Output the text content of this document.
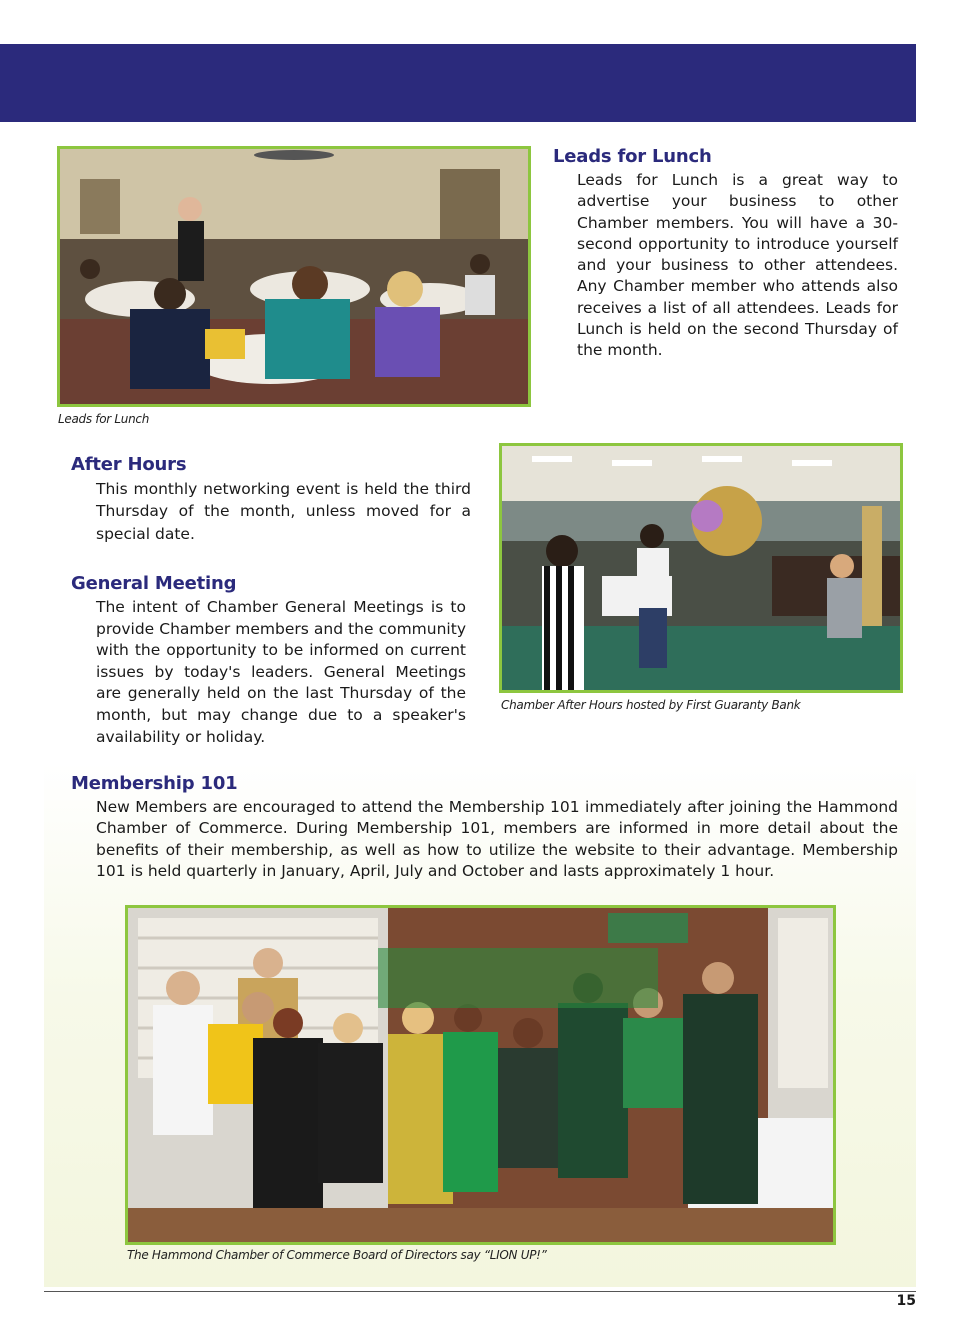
Leads for Lunch
Leads for Lunch

Leads for Lunch is a great way to advertise your business to other Chamber members. You will have a 30-second opportunity to introduce yourself and your business to other attendees. Any Chamber member who attends also receives a list of all attendees. Leads for Lunch is held on the second Thursday of the month.

After Hours

This monthly networking event is held the third Thursday of the month, unless moved for a special date.

Chamber After Hours hosted by First Guaranty Bank
General Meeting

The intent of Chamber General Meetings is to provide Chamber members and the community with the opportunity to be informed on current issues by today's leaders. General Meetings are generally held on the last Thursday of the month, but may change due to a speaker's availability or holiday.

Membership 101

New Members are encouraged to attend the Membership 101 immediately after joining the Hammond Chamber of Commerce. During Membership 101, members are informed in more detail about the benefits of their membership, as well as how to utilize the website to their advantage. Membership 101 is held quarterly in January, April, July and October and lasts approximately 1 hour.

The Hammond Chamber of Commerce Board of Directors say “LION UP!”
15
